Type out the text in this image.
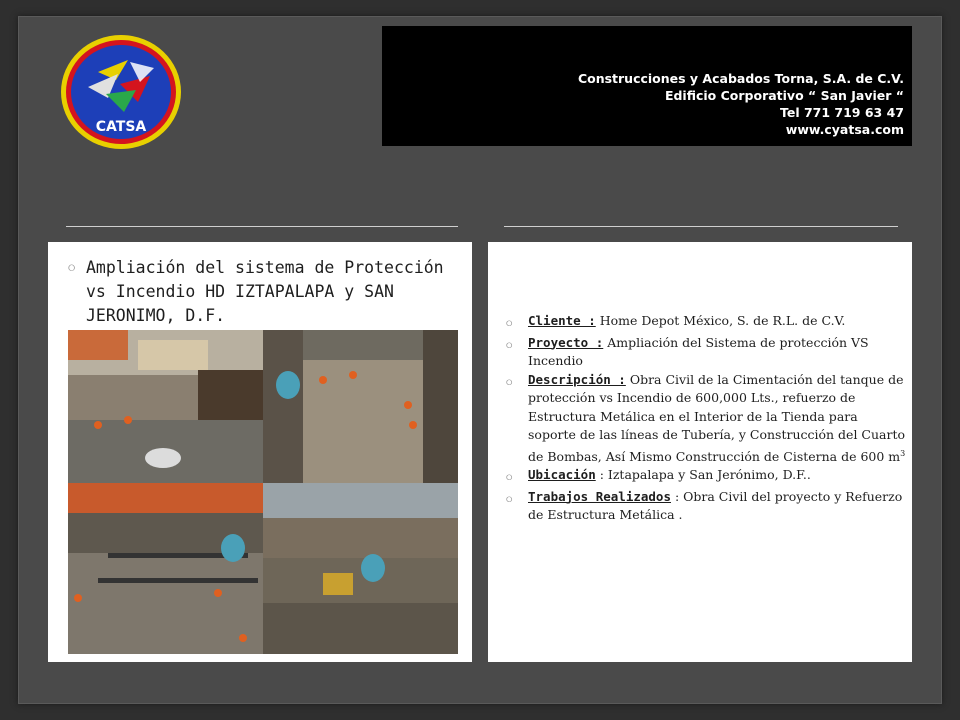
CATSA
Construcciones y Acabados Torna, S.A. de C.V.
Edificio Corporativo “ San Javier “
Tel 771 719 63 47
www.cyatsa.com
⭘ Ampliación del sistema de Protección vs Incendio HD IZTAPALAPA y SAN JERONIMO, D.F.	⭘	Cliente : Home Depot México, S. de R.L. de C.V.
⭘	Proyecto : Ampliación del Sistema de protección VS Incendio
⭘	Descripción : Obra Civil de la Cimentación del tanque de protección vs Incendio de 600,000 Lts., refuerzo de Estructura Metálica en el Interior de la Tienda para soporte de las líneas de Tubería, y Construcción del Cuarto de Bombas, Así Mismo Construcción de Cisterna de 600 $m^3$
⭘	Ubicación : Iztapalapa y San Jerónimo, D.F..
⭘	Trabajos Realizados : Obra Civil del proyecto y Refuerzo de Estructura Metálica .
